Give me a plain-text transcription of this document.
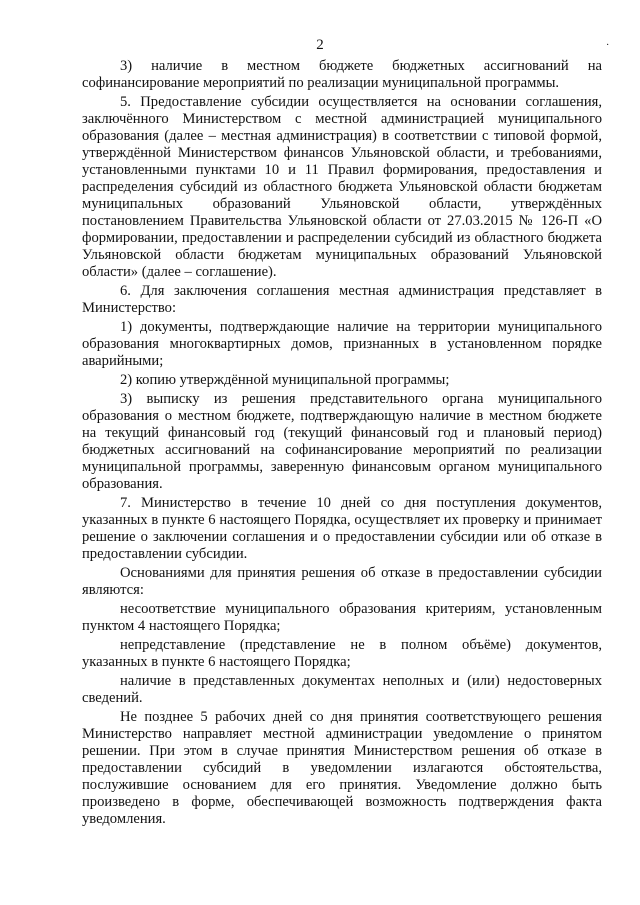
2	·

3) наличие в местном бюджете бюджетных ассигнований на софинансирование мероприятий по реализации муниципальной программы.

5. Предоставление субсидии осуществляется на основании соглашения, заключённого Министерством с местной администрацией муниципального образования (далее – местная администрация) в соответствии с типовой формой, утверждённой Министерством финансов Ульяновской области, и требованиями, установленными пунктами 10 и 11 Правил формирования, предоставления и распределения субсидий из областного бюджета Ульяновской области бюджетам муниципальных образований Ульяновской области, утверждённых постановлением Правительства Ульяновской области от 27.03.2015 № 126-П «О формировании, предоставлении и распределении субсидий из областного бюджета Ульяновской области бюджетам муниципальных образований Ульяновской области» (далее – соглашение).

6. Для заключения соглашения местная администрация представляет в Министерство:

1) документы, подтверждающие наличие на территории муниципального образования многоквартирных домов, признанных в установленном порядке аварийными;

2) копию утверждённой муниципальной программы;

3) выписку из решения представительного органа муниципального образования о местном бюджете, подтверждающую наличие в местном бюджете на текущий финансовый год (текущий финансовый год и плановый период) бюджетных ассигнований на софинансирование мероприятий по реализации муниципальной программы, заверенную финансовым органом муниципального образования.

7. Министерство в течение 10 дней со дня поступления документов, указанных в пункте 6 настоящего Порядка, осуществляет их проверку и принимает решение о заключении соглашения и о предоставлении субсидии или об отказе в предоставлении субсидии.

Основаниями для принятия решения об отказе в предоставлении субсидии являются:

несоответствие муниципального образования критериям, установленным пунктом 4 настоящего Порядка;

непредставление (представление не в полном объёме) документов, указанных в пункте 6 настоящего Порядка;

наличие в представленных документах неполных и (или) недостоверных сведений.

Не позднее 5 рабочих дней со дня принятия соответствующего решения Министерство направляет местной администрации уведомление о принятом решении. При этом в случае принятия Министерством решения об отказе в предоставлении субсидий в уведомлении излагаются обстоятельства, послужившие основанием для его принятия. Уведомление должно быть произведено в форме, обеспечивающей возможность подтверждения факта уведомления.
